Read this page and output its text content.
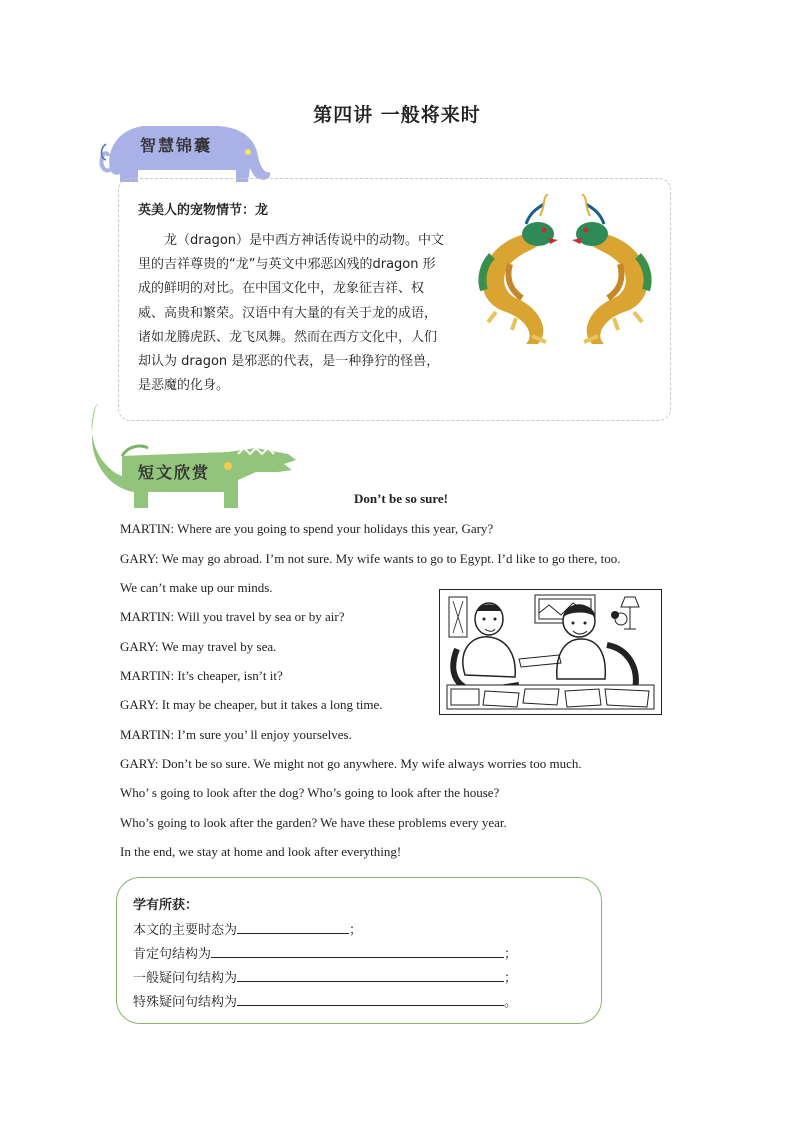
第四讲 一般将来时
智慧锦囊
英美人的宠物情节：龙
龙（dragon）是中西方神话传说中的动物。中文里的吉祥尊贵的“龙”与英文中邪恶凶残的dragon 形成的鲜明的对比。在中国文化中，龙象征吉祥、权威、高贵和繁荣。汉语中有大量的有关于龙的成语，诸如龙腾虎跃、龙飞凤舞。然而在西方文化中，人们却认为 dragon 是邪恶的代表，是一种狰狞的怪兽，是恶魔的化身。
短文欣赏
Don’t be so sure!
MARTIN: Where are you going to spend your holidays this year, Gary?
GARY: We may go abroad. I’m not sure. My wife wants to go to Egypt. I’d like to go there, too.
We can’t make up our minds.
MARTIN: Will you travel by sea or by air?
GARY: We may travel by sea.
MARTIN: It’s cheaper, isn’t it?
GARY: It may be cheaper, but it takes a long time.
MARTIN: I’m sure you’ ll enjoy yourselves.
GARY: Don’t be so sure. We might not go anywhere. My wife always worries too much.
Who’ s going to look after the dog? Who’s going to look after the house?
Who’s going to look after the garden? We have these problems every year.
In the end, we stay at home and look after everything!
学有所获：
本文的主要时态为	；
肯定句结构为	；
一般疑问句结构为	；
特殊疑问句结构为	。
